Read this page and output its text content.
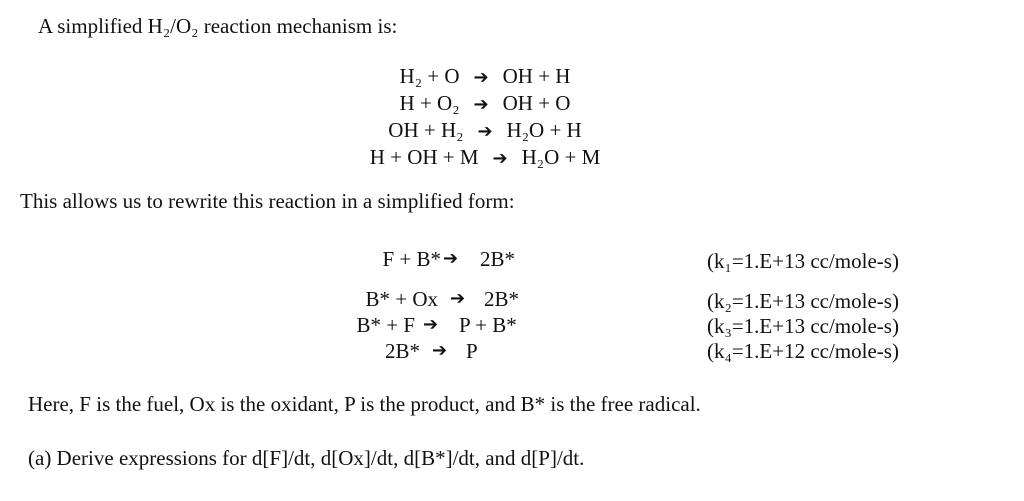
A simplified H₂/O₂ reaction mechanism is:
H₂ + O ➔ OH + H
H + O₂ ➔ OH + O
OH + H₂ ➔ H₂O + H
H + OH + M ➔ H₂O + M
This allows us to rewrite this reaction in a simplified form:
F + B* ➔ 2B*	(k₁=1.E+13 cc/mole-s)
B* + Ox ➔ 2B*	(k₂=1.E+13 cc/mole-s)
B* + F ➔ P + B*	(k₃=1.E+13 cc/mole-s)
2B* ➔ P	(k₄=1.E+12 cc/mole-s)
Here, F is the fuel, Ox is the oxidant, P is the product, and B* is the free radical.
(a) Derive expressions for d[F]/dt, d[Ox]/dt, d[B*]/dt, and d[P]/dt.
